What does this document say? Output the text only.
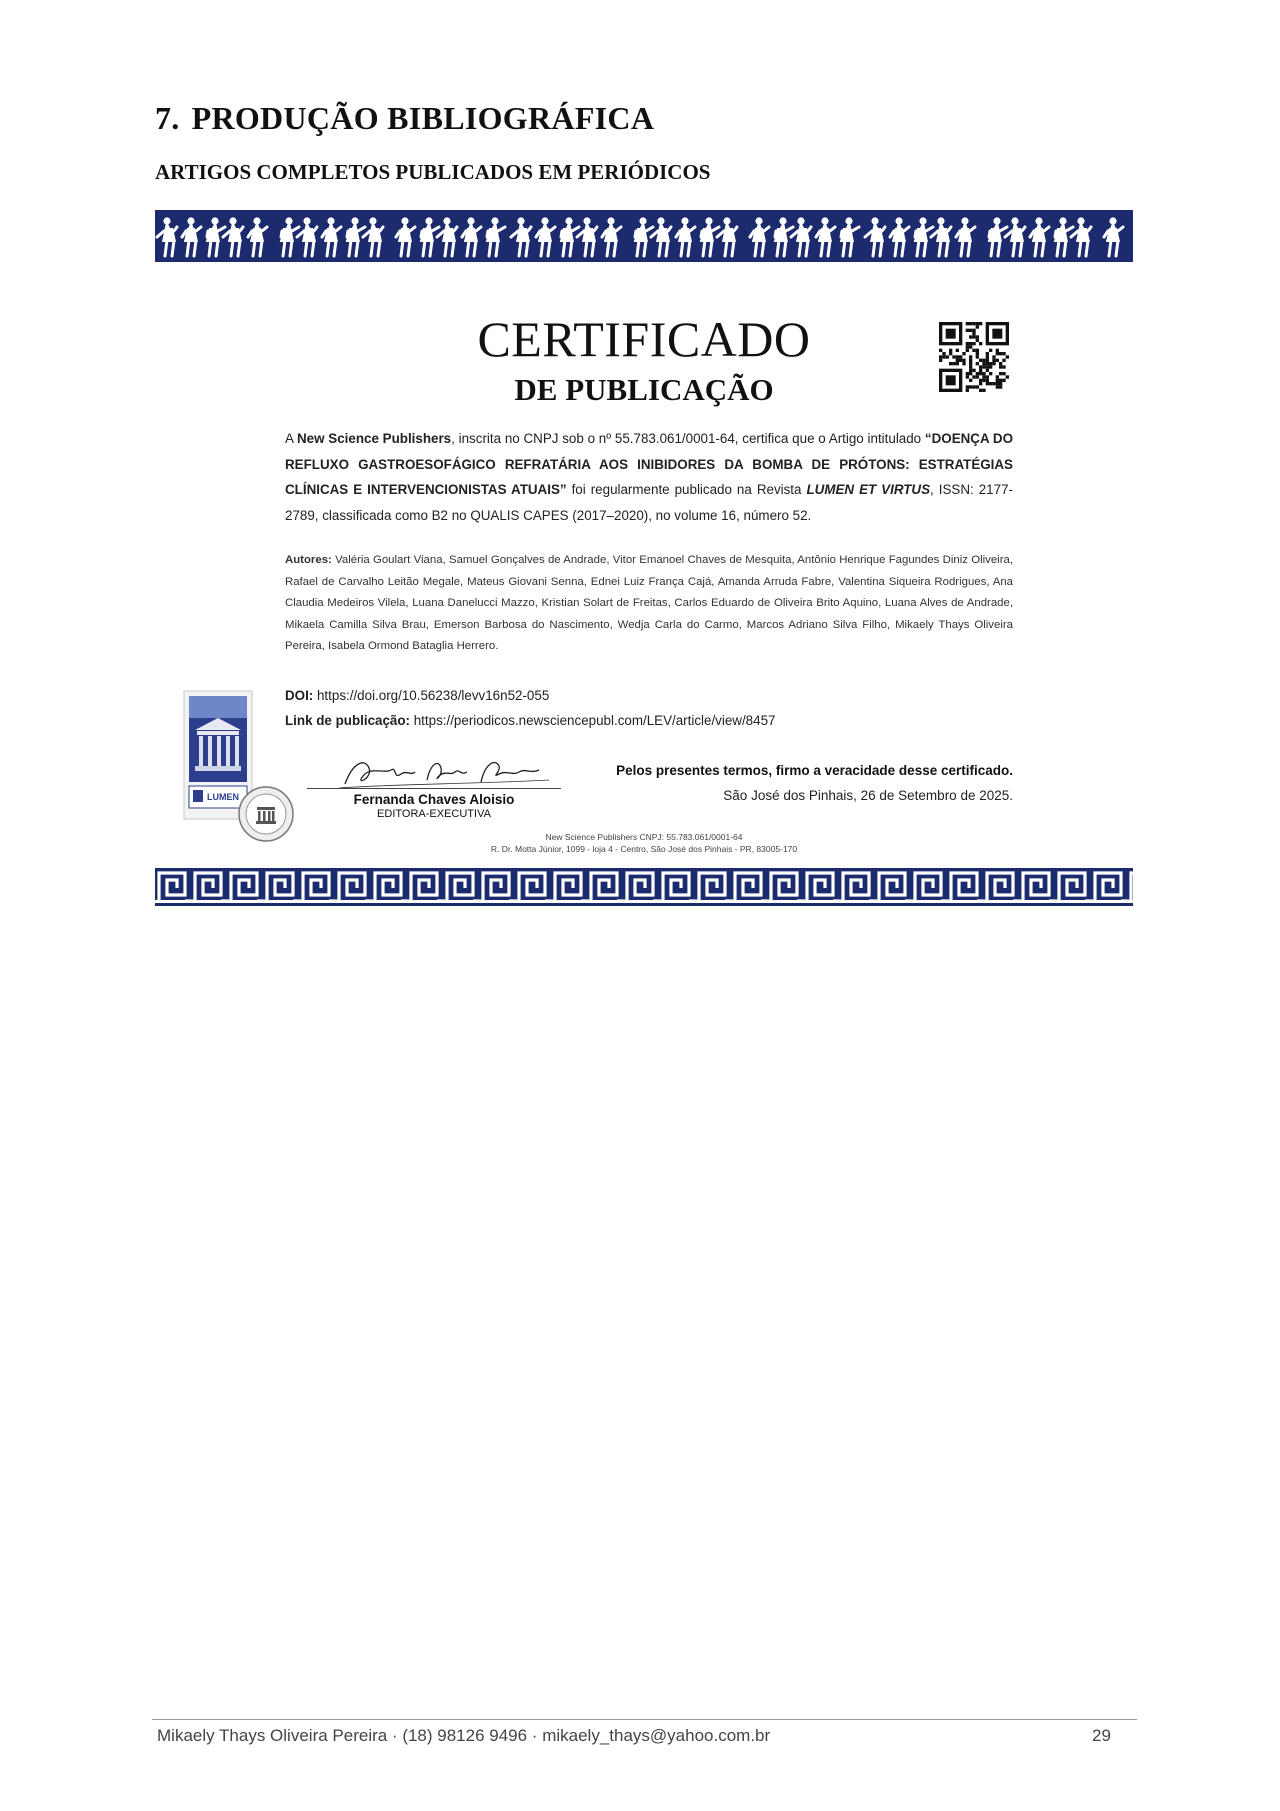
7. PRODUÇÃO BIBLIOGRÁFICA
ARTIGOS COMPLETOS PUBLICADOS EM PERIÓDICOS
CERTIFICADO
DE PUBLICAÇÃO

A New Science Publishers, inscrita no CNPJ sob o nº 55.783.061/0001-64, certifica que o Artigo intitulado “DOENÇA DO REFLUXO GASTROESOFÁGICO REFRATÁRIA AOS INIBIDORES DA BOMBA DE PRÓTONS: ESTRATÉGIAS CLÍNICAS E INTERVENCIONISTAS ATUAIS” foi regularmente publicado na Revista LUMEN ET VIRTUS, ISSN: 2177-2789, classificada como B2 no QUALIS CAPES (2017–2020), no volume 16, número 52.

Autores: Valéria Goulart Viana, Samuel Gonçalves de Andrade, Vitor Emanoel Chaves de Mesquita, Antônio Henrique Fagundes Diniz Oliveira, Rafael de Carvalho Leitão Megale, Mateus Giovani Senna, Ednei Luiz França Cajá, Amanda Arruda Fabre, Valentina Siqueira Rodrigues, Ana Claudia Medeiros Vilela, Luana Danelucci Mazzo, Kristian Solart de Freitas, Carlos Eduardo de Oliveira Brito Aquino, Luana Alves de Andrade, Mikaela Camilla Silva Brau, Emerson Barbosa do Nascimento, Wedja Carla do Carmo, Marcos Adriano Silva Filho, Mikaely Thays Oliveira Pereira, Isabela Ormond Bataglia Herrero.

DOI: https://doi.org/10.56238/levv16n52-055

Link de publicação: https://periodicos.newsciencepubl.com/LEV/article/view/8457

LUMEN	Fernanda Chaves Aloisio

EDITORA-EXECUTIVA

Pelos presentes termos, firmo a veracidade desse certificado.

São José dos Pinhais, 26 de Setembro de 2025.

New Science Publishers CNPJ: 55.783.061/0001-64

R. Dr. Motta Júnior, 1099 - loja 4 - Centro, São José dos Pinhais - PR, 83005-170

Mikaely Thays Oliveira Pereira · (18) 98126 9496 · mikaely_thays@yahoo.com.br	29
